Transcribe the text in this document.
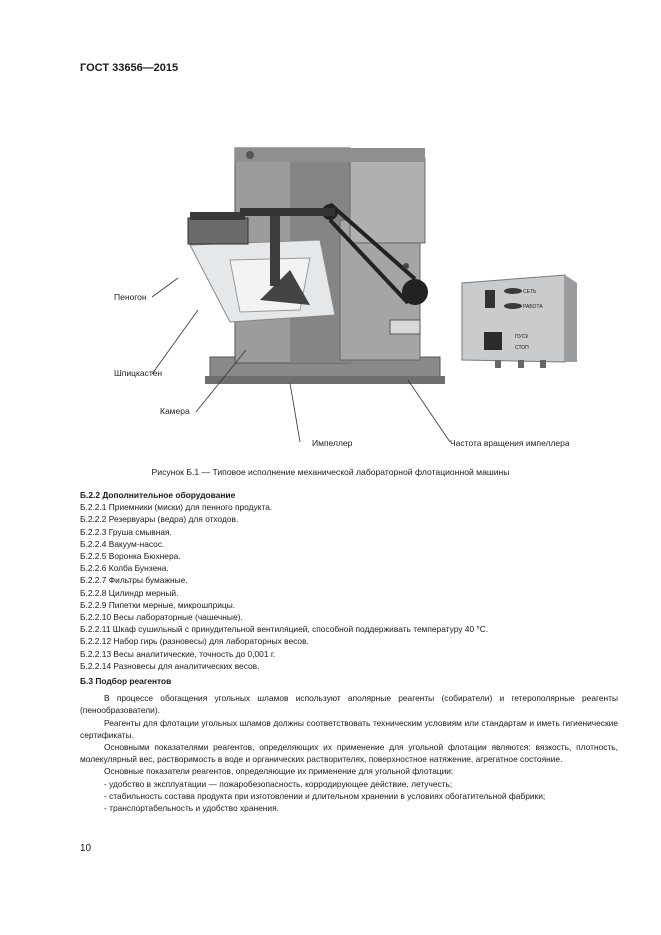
ГОСТ 33656—2015
СЕТЬ
РАБОТА
ПУСК
СТОП
Пеногон
Шпицкастен
Камера
Импеллер	Частота вращения импеллера
Рисунок Б.1 — Типовое исполнение механической лабораторной флотационной машины
Б.2.2 Дополнительное оборудование
Б.2.2.1 Приемники (миски) для пенного продукта.
Б.2.2.2 Резервуары (ведра) для отходов.
Б.2.2.3 Груша смывная.
Б.2.2.4 Вакуум-насос.
Б.2.2.5 Воронка Бюхнера.
Б.2.2.6 Колба Бунзена.
Б.2.2.7 Фильтры бумажные.
Б.2.2.8 Цилиндр мерный.
Б.2.2.9 Пипетки мерные, микрошприцы.
Б.2.2.10 Весы лабораторные (чашечные).
Б.2.2.11 Шкаф сушильный с принудительной вентиляцией, способной поддерживать температуру 40 °С.
Б.2.2.12 Набор гирь (разновесы) для лабораторных весов.
Б.2.2.13 Весы аналитические, точность до 0,001 г.
Б.2.2.14 Разновесы для аналитических весов.
Б.3 Подбор реагентов
В процессе обогащения угольных шламов используют аполярные реагенты (собиратели) и гетерополярные реагенты (пенообразователи).
Реагенты для флотации угольных шламов должны соответствовать техническим условиям или стандартам и иметь гигиенические сертификаты.
Основными показателями реагентов, определяющих их применение для угольной флотации являются: вязкость, плотность, молекулярный вес, растворимость в воде и органических растворителях, поверхностное натяжение, агрегатное состояние.
Основные показатели реагентов, определяющие их применение для угольной флотации:
- удобство в эксплуатации — пожаробезопасность, корродирующее действие, летучесть;
- стабильность состава продукта при изготовлении и длительном хранении в условиях обогатительной фабрики;
- транспортабельность и удобство хранения.
10
